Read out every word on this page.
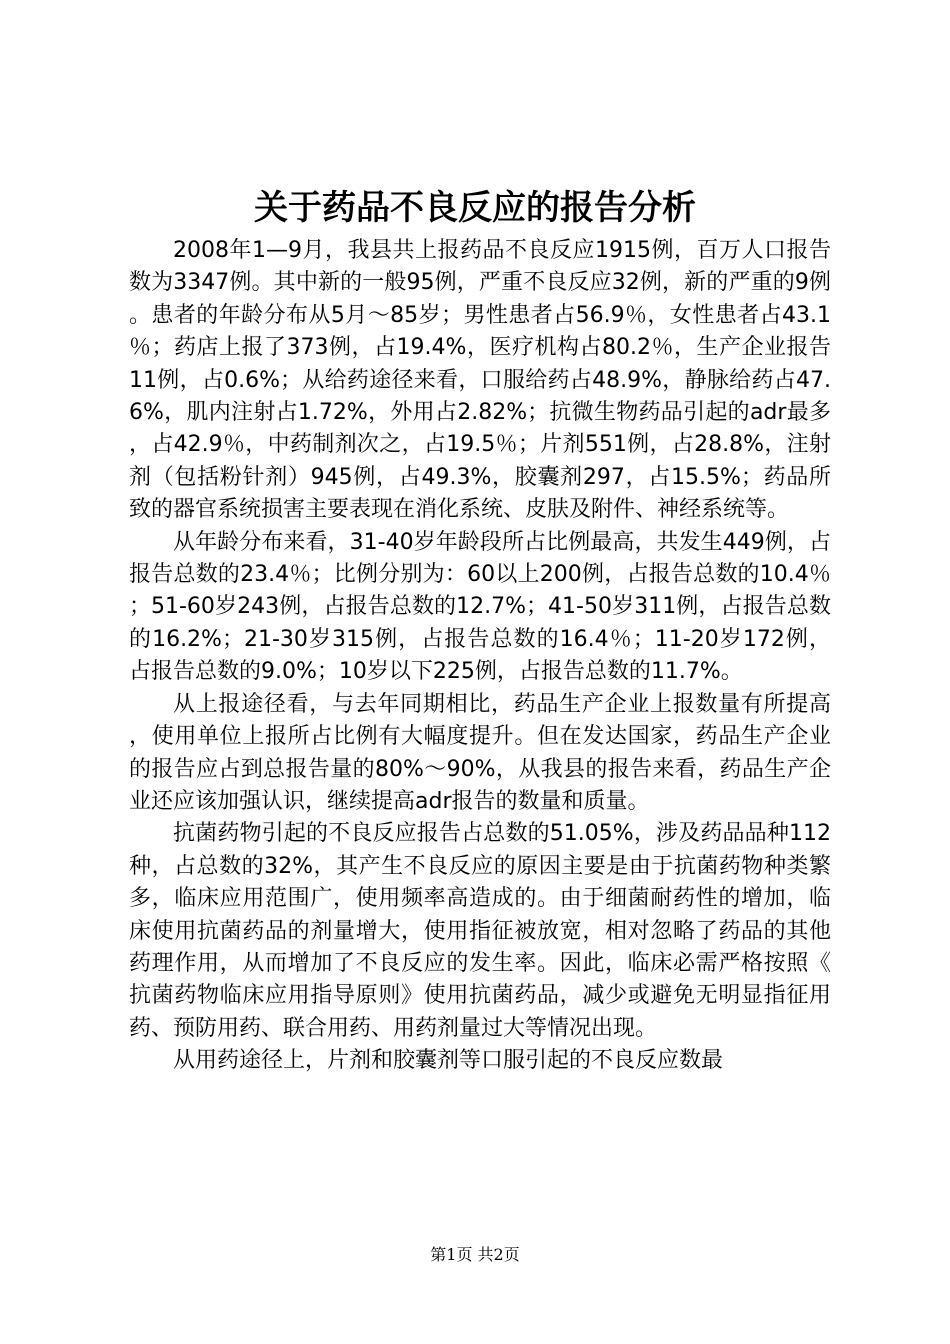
关于药品不良反应的报告分析

2008年1—9月，我县共上报药品不良反应1915例，百万人口报告数为3347例。其中新的一般95例，严重不良反应32例，新的严重的9例。患者的年龄分布从5月～85岁；男性患者占56.9％，女性患者占43.1％；药店上报了373例，占19.4%，医疗机构占80.2％，生产企业报告11例，占0.6%；从给药途径来看，口服给药占48.9%，静脉给药占47.6%，肌内注射占1.72%，外用占2.82%；抗微生物药品引起的adr最多，占42.9％，中药制剂次之，占19.5％；片剂551例，占28.8%，注射剂（包括粉针剂）945例，占49.3%，胶囊剂297，占15.5%；药品所致的器官系统损害主要表现在消化系统、皮肤及附件、神经系统等。

从年龄分布来看，31-40岁年龄段所占比例最高，共发生449例，占报告总数的23.4％；比例分别为：60以上200例，占报告总数的10.4％；51-60岁243例，占报告总数的12.7%；41-50岁311例，占报告总数的16.2%；21-30岁315例，占报告总数的16.4％；11-20岁172例，占报告总数的9.0%；10岁以下225例，占报告总数的11.7%。

从上报途径看，与去年同期相比，药品生产企业上报数量有所提高，使用单位上报所占比例有大幅度提升。但在发达国家，药品生产企业的报告应占到总报告量的80%～90%，从我县的报告来看，药品生产企业还应该加强认识，继续提高adr报告的数量和质量。

抗菌药物引起的不良反应报告占总数的51.05%，涉及药品品种112种，占总数的32%，其产生不良反应的原因主要是由于抗菌药物种类繁多，临床应用范围广，使用频率高造成的。由于细菌耐药性的增加，临床使用抗菌药品的剂量增大，使用指征被放宽，相对忽略了药品的其他药理作用，从而增加了不良反应的发生率。因此，临床必需严格按照《抗菌药物临床应用指导原则》使用抗菌药品，减少或避免无明显指征用药、预防用药、联合用药、用药剂量过大等情况出现。

从用药途径上，片剂和胶囊剂等口服引起的不良反应数最

第1页 共2页
